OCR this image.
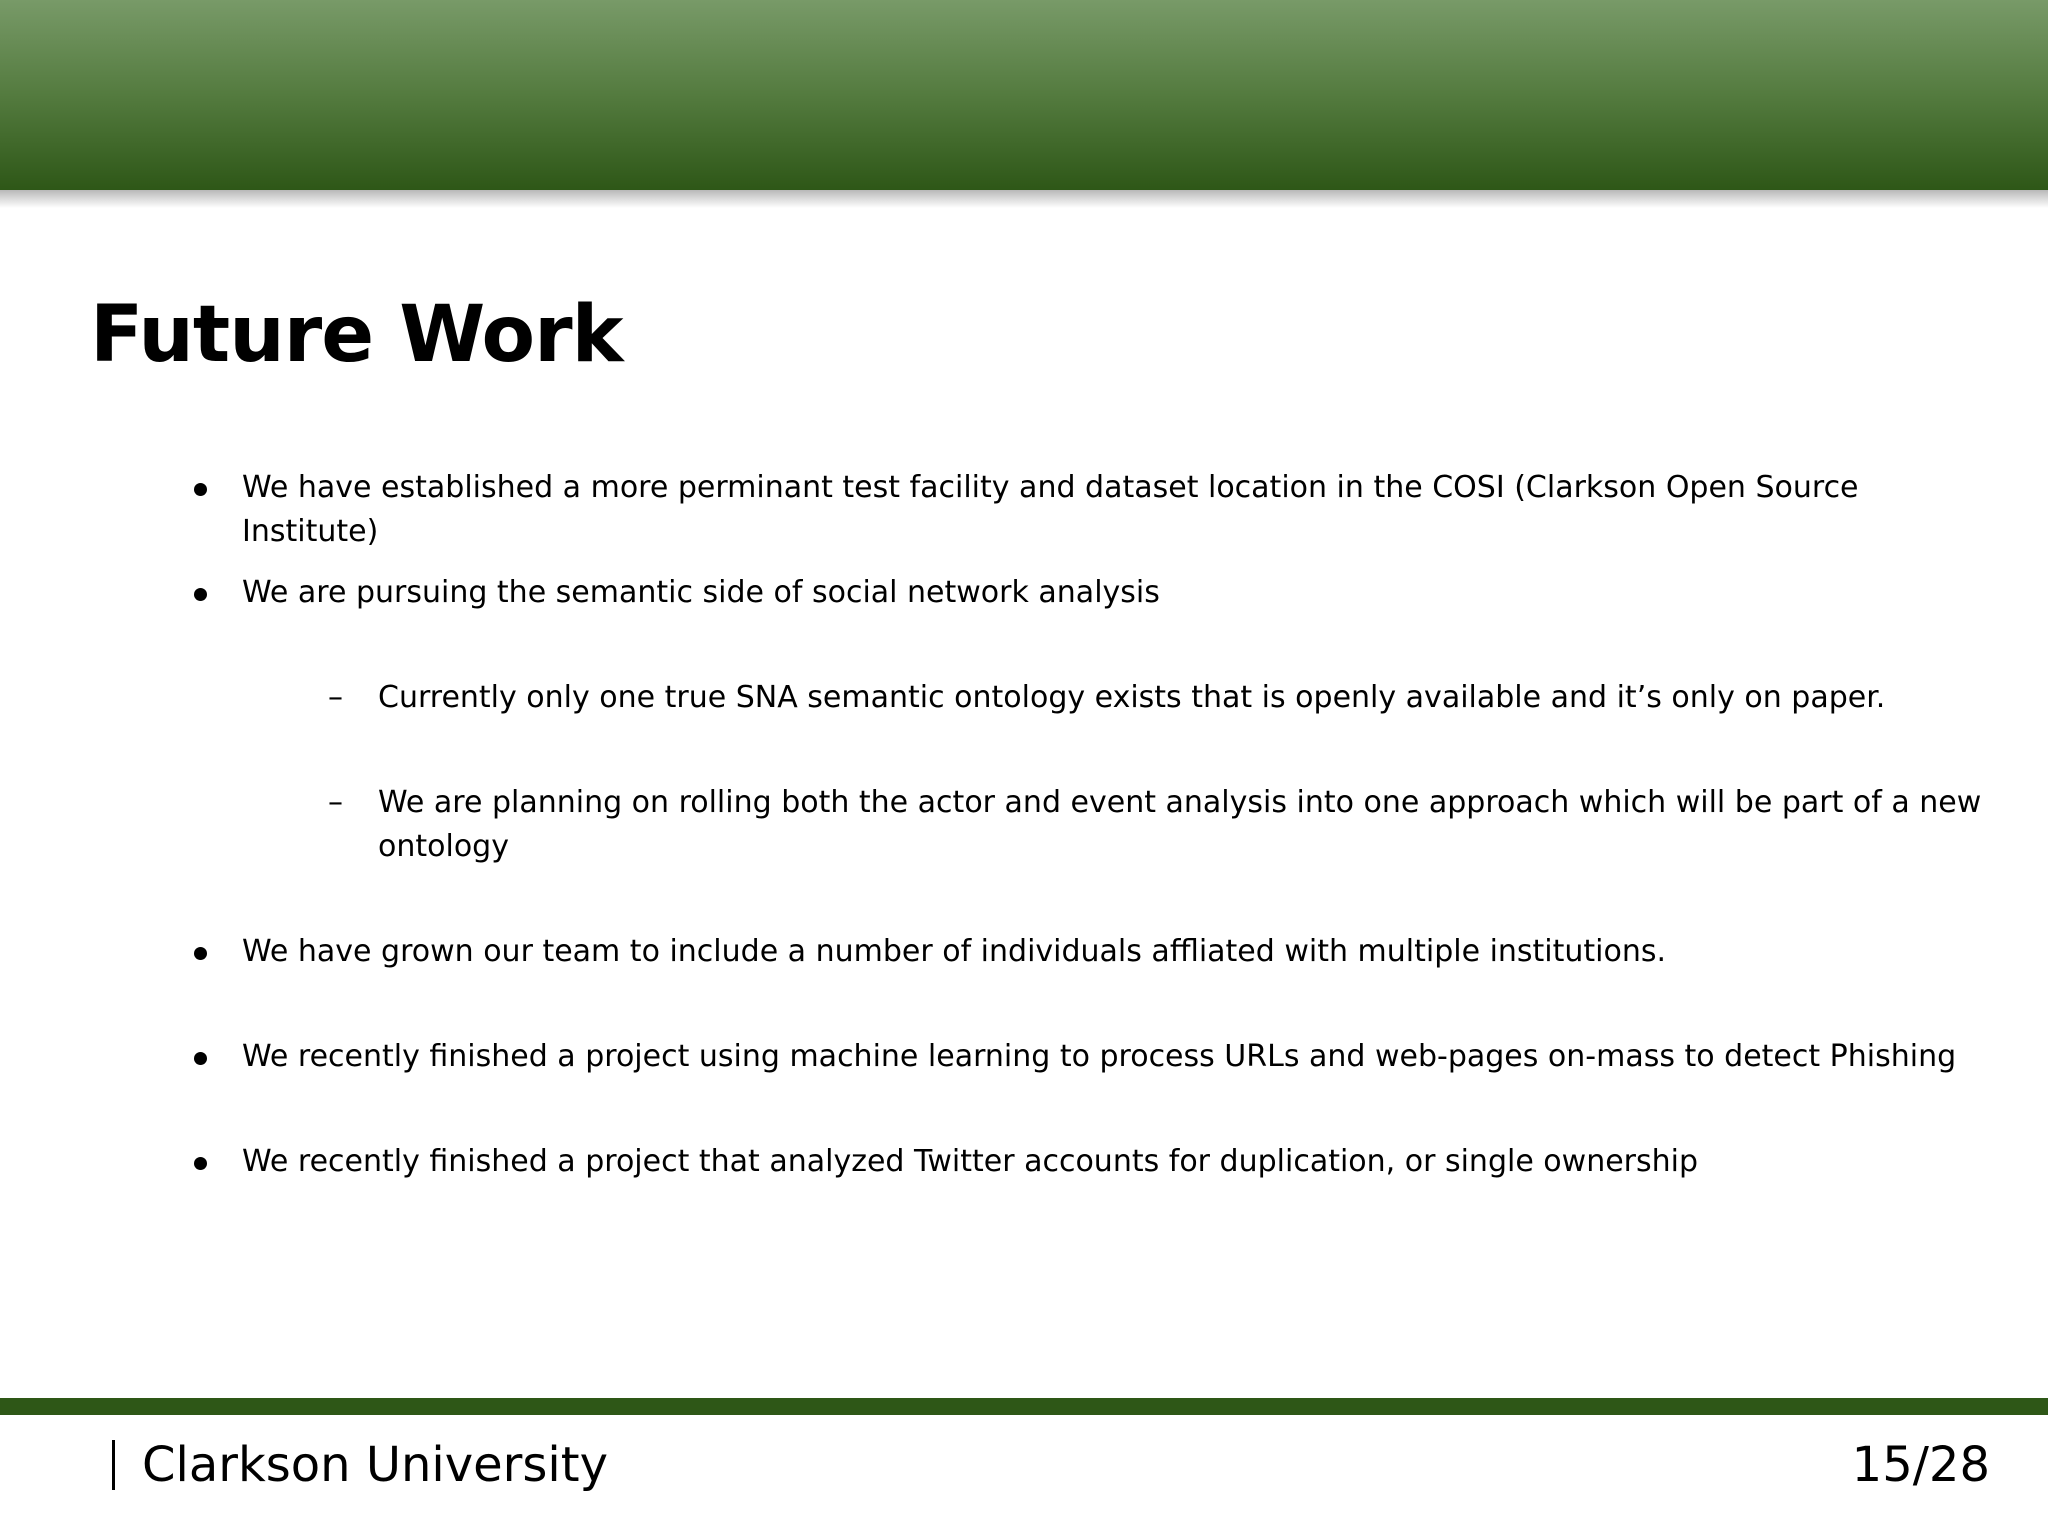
Future Work
We have established a more perminant test facility and dataset location in the COSI (Clarkson Open Source Institute)
We are pursuing the semantic side of social network analysis
– Currently only one true SNA semantic ontology exists that is openly available and it’s only on paper.
– We are planning on rolling both the actor and event analysis into one approach which will be part of a new ontology
We have grown our team to include a number of individuals affliated with multiple institutions.
We recently finished a project using machine learning to process URLs and web-pages on-mass to detect Phishing
We recently finished a project that analyzed Twitter accounts for duplication, or single ownership
Clarkson University	15/28
